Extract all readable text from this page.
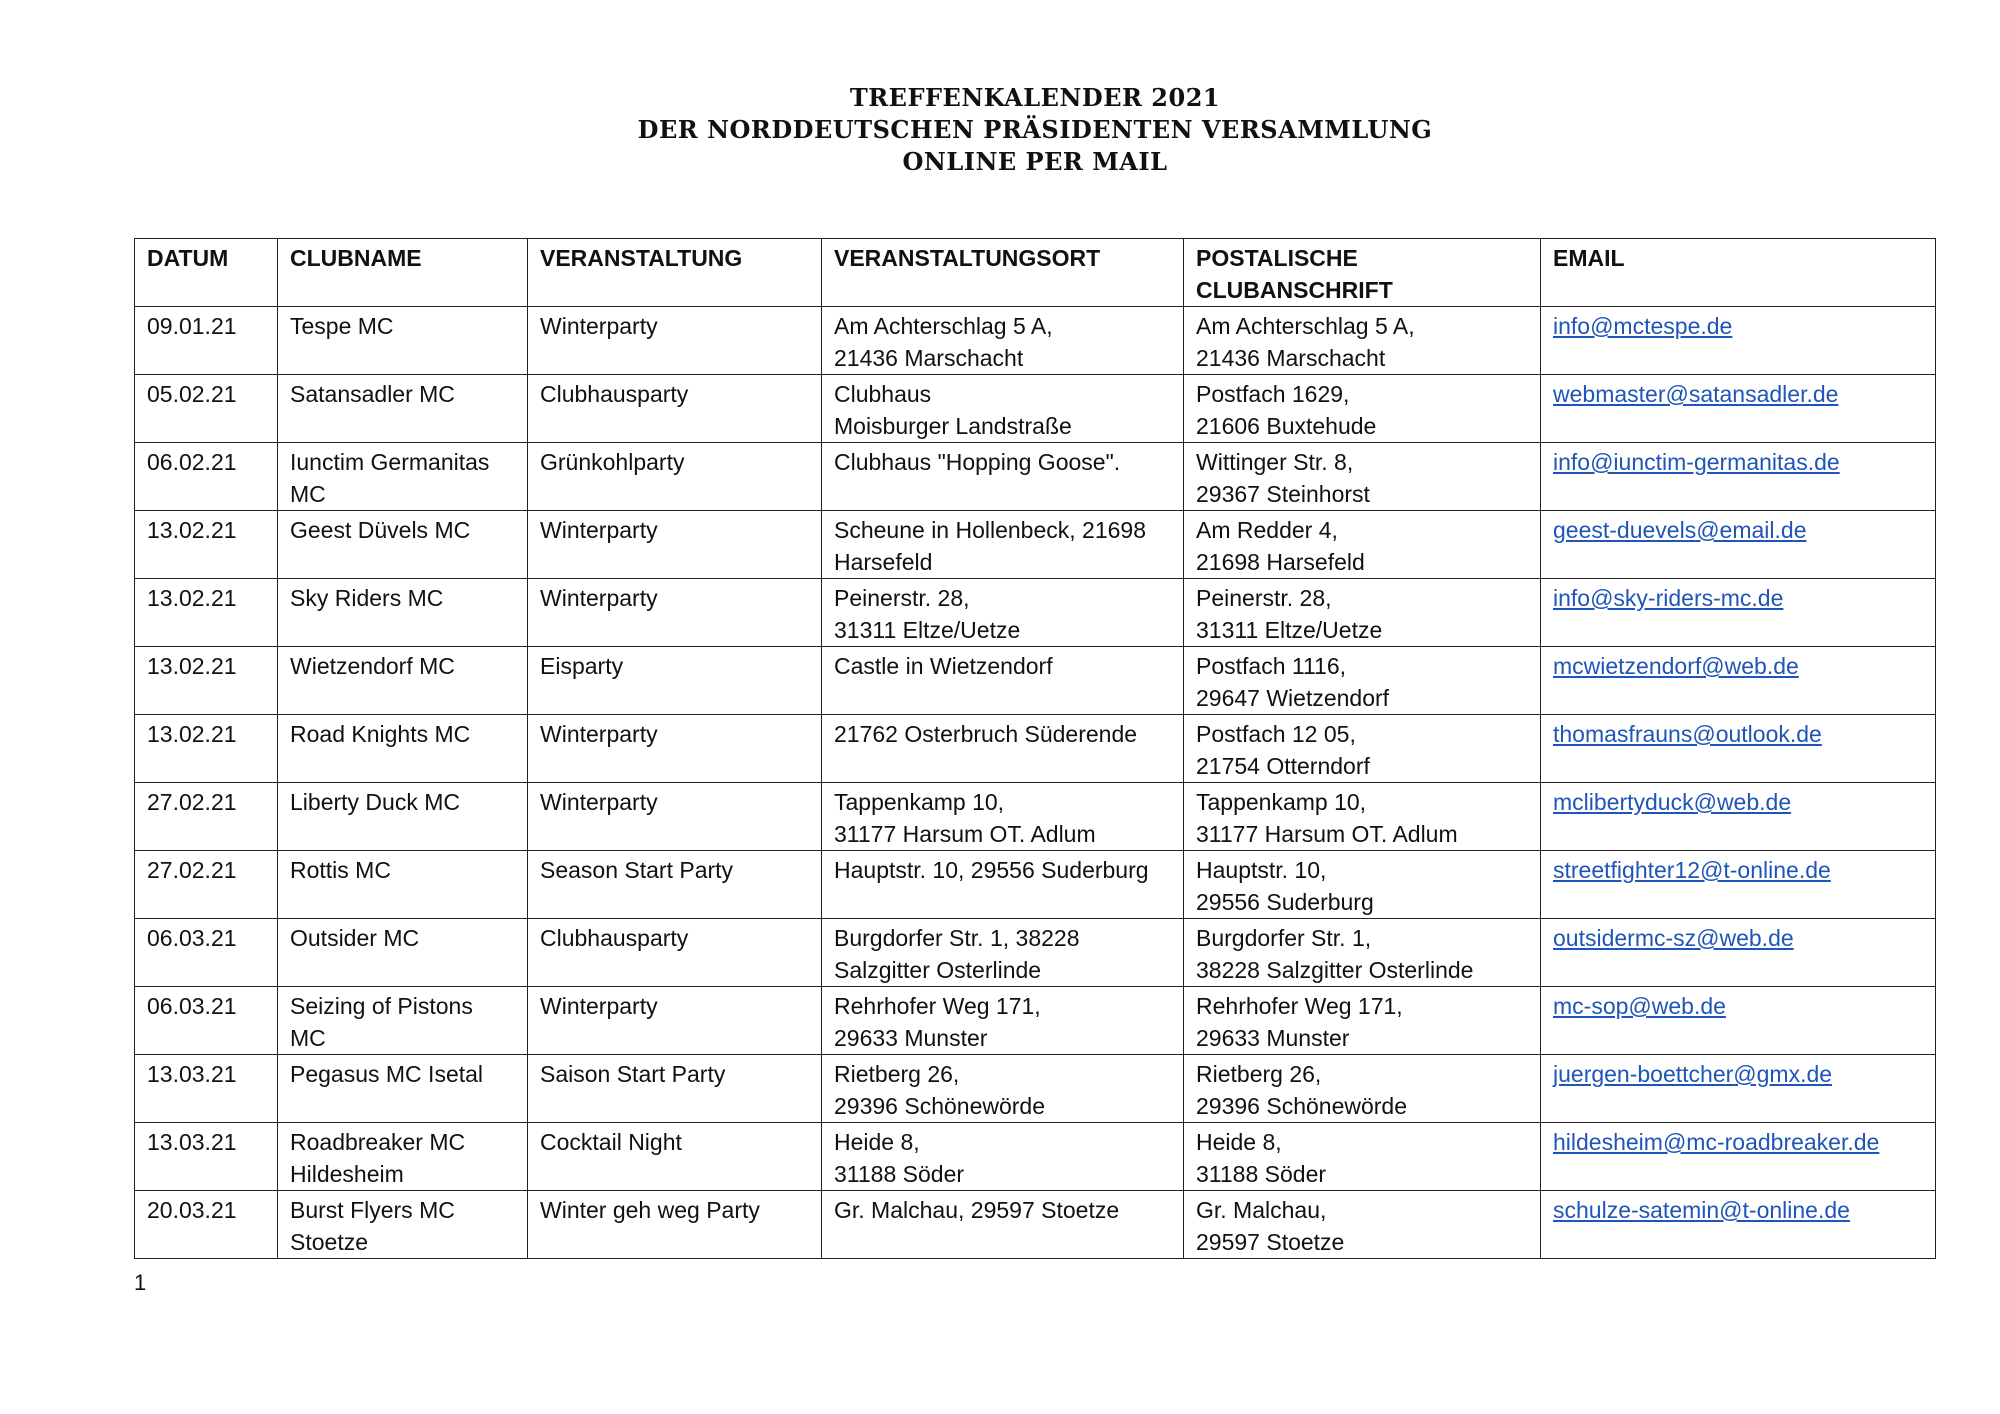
TREFFENKALENDER 2021
DER NORDDEUTSCHEN PRÄSIDENTEN VERSAMMLUNG
ONLINE PER MAIL
DATUM	CLUBNAME	VERANSTALTUNG	VERANSTALTUNGSORT	POSTALISCHE CLUBANSCHRIFT	EMAIL
09.01.21	Tespe MC	Winterparty	Am Achterschlag 5 A,
21436 Marschacht	Am Achterschlag 5 A,
21436 Marschacht	info@mctespe.de
05.02.21	Satansadler MC	Clubhausparty	Clubhaus
Moisburger Landstraße	Postfach 1629,
21606 Buxtehude	webmaster@satansadler.de
06.02.21	Iunctim Germanitas
MC	Grünkohlparty	Clubhaus "Hopping Goose".	Wittinger Str. 8,
29367 Steinhorst	info@iunctim-germanitas.de
13.02.21	Geest Düvels MC	Winterparty	Scheune in Hollenbeck, 21698
Harsefeld	Am Redder 4,
21698 Harsefeld	geest-duevels@email.de
13.02.21	Sky Riders MC	Winterparty	Peinerstr. 28,
31311 Eltze/Uetze	Peinerstr. 28,
31311 Eltze/Uetze	info@sky-riders-mc.de
13.02.21	Wietzendorf MC	Eisparty	Castle in Wietzendorf	Postfach 1116,
29647 Wietzendorf	mcwietzendorf@web.de
13.02.21	Road Knights MC	Winterparty	21762 Osterbruch Süderende	Postfach 12 05,
21754 Otterndorf	thomasfrauns@outlook.de
27.02.21	Liberty Duck MC	Winterparty	Tappenkamp 10,
31177 Harsum OT. Adlum	Tappenkamp 10,
31177 Harsum OT. Adlum	mclibertyduck@web.de
27.02.21	Rottis MC	Season Start Party	Hauptstr. 10, 29556 Suderburg	Hauptstr. 10,
29556 Suderburg	streetfighter12@t-online.de
06.03.21	Outsider MC	Clubhausparty	Burgdorfer Str. 1, 38228
Salzgitter Osterlinde	Burgdorfer Str. 1,
38228 Salzgitter Osterlinde	outsidermc-sz@web.de
06.03.21	Seizing of Pistons
MC	Winterparty	Rehrhofer Weg 171,
29633 Munster	Rehrhofer Weg 171,
29633 Munster	mc-sop@web.de
13.03.21	Pegasus MC Isetal	Saison Start Party	Rietberg 26,
29396 Schönewörde	Rietberg 26,
29396 Schönewörde	juergen-boettcher@gmx.de
13.03.21	Roadbreaker MC
Hildesheim	Cocktail Night	Heide 8,
31188 Söder	Heide 8,
31188 Söder	hildesheim@mc-roadbreaker.de
20.03.21	Burst Flyers MC
Stoetze	Winter geh weg Party	Gr. Malchau, 29597 Stoetze	Gr. Malchau,
29597 Stoetze	schulze-satemin@t-online.de
1
